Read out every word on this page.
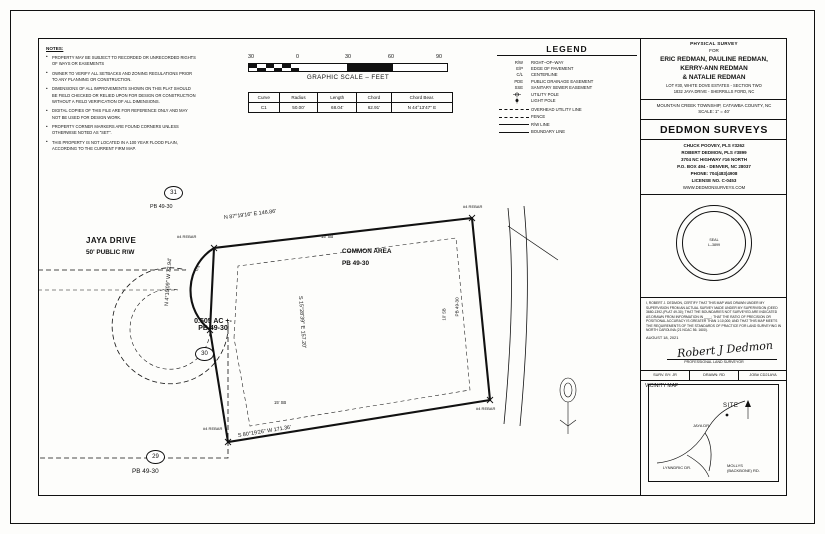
NOTES:
• PROPERTY MAY BE SUBJECT TO RECORDED OR UNRECORDED RIGHTS OF WAYS OR EASEMENTS
• OWNER TO VERIFY ALL SETBACKS AND ZONING REGULATIONS PRIOR TO ANY PLANNING OR CONSTRUCTION.
• DIMENSIONS OF ALL IMPROVEMENTS SHOWN ON THIS PLAT SHOULD BE FIELD CHECKED OR RELIED UPON FOR DESIGN OR CONSTRUCTION WITHOUT A FIELD VERIFICATION OF ALL DIMENSIONS.
• DIGITAL COPIES OF THIS FILE ARE FOR REFERENCE ONLY AND MAY NOT BE USED FOR DESIGN WORK.
• PROPERTY CORNER MARKERS ARE FOUND CORNERS UNLESS OTHERWISE NOTED AS "SET".
• THIS PROPERTY IS NOT LOCATED IN A 100 YEAR FLOOD PLAIN, ACCORDING TO THE CURRENT FIRM MAP.
30	0	30	60	90
GRAPHIC SCALE – FEET
Curve	Radius	Length	Chord	Chord Bear.
C1	50.00'	68.04'	62.91'	N 44°13'47" E
LEGEND
R/W	RIGHT–OF–WAY
E/P	EDGE OF PAVEMENT
C/L	CENTERLINE
PDE	PUBLIC DRAINAGE EASEMENT
SSE	SANITARY SEWER EASEMENT
UTILITY POLE
LIGHT POLE
OVERHEAD UTILITY LINE
FENCE
R\W LINE
BOUNDARY LINE
PHYSICAL SURVEY
FOR
ERIC REDMAN, PAULINE REDMAN,
KERRY-ANN REDMAN
& NATALIE REDMAN
LOT #30, WHITE DOVE ESTATES - SECTION TWO
1832 JAYA DRIVE - SHERRILLS FORD, NC
MOUNTAIN CREEK TOWNSHIP, CATAWBA COUNTY, NC
SCALE: 1" = 40'
DEDMON SURVEYS
CHUCK POOVEY, PLS #3262
ROBERT DEDMON, PLS #3899
3704 NC HIGHWAY #16 NORTH
P.O. BOX 494 - DENVER, NC 28037
PHONE: 704(483)4908
LICENSE NO. C-0453
WWW.DEDMONSURVEYS.COM
SEAL
L–3899
I, ROBERT J. DEDMON, CERTIFY THAT THIS MAP WAS DRAWN UNDER MY SUPERVISION FROM AN ACTUAL SURVEY MADE UNDER MY SUPERVISION (DEED 3680-1392-(PLAT 49-30); THAT THE BOUNDARIES NOT SURVEYED ARE INDICATED AS DRAWN FROM INFORMATION IN ____; THAT THE RATIO OF PRECISION OR POSITIONAL ACCURACY IS GREATER THAN 1:10,000; AND THAT THIS MAP MEETS THE REQUIREMENTS OF THE STANDARDS OF PRACTICE FOR LAND SURVEYING IN NORTH CAROLINA (21 NCAC 56. 1600).
AUGUST 18, 2021
Robert J Dedmon
PROFESSIONAL LAND SURVEYOR
SURV. BY: JR	DRAWN: RD	JOB# CD21AYA
VICINITY MAP
SITE
JAYA DR.
LYNNDRIC DR.	MOLLYS
(BACKBONE) RD.
JAYA DRIVE
50' PUBLIC R\W
31
PB 49-30
29
PB 49-30
0.505 AC +-
PB 49-30
30
COMMON AREA
PB 49-30
N 87°19'16" E 146.86'
S 80°19'26" W 171.36'
S 15°28'39" E 157.20'
N 4°10'09" W 72.94'
PB 49-30
C1
15' SB
15' SB
10' SB
#4 REBAR
#4 REBAR
#4 REBAR
#4 REBAR
